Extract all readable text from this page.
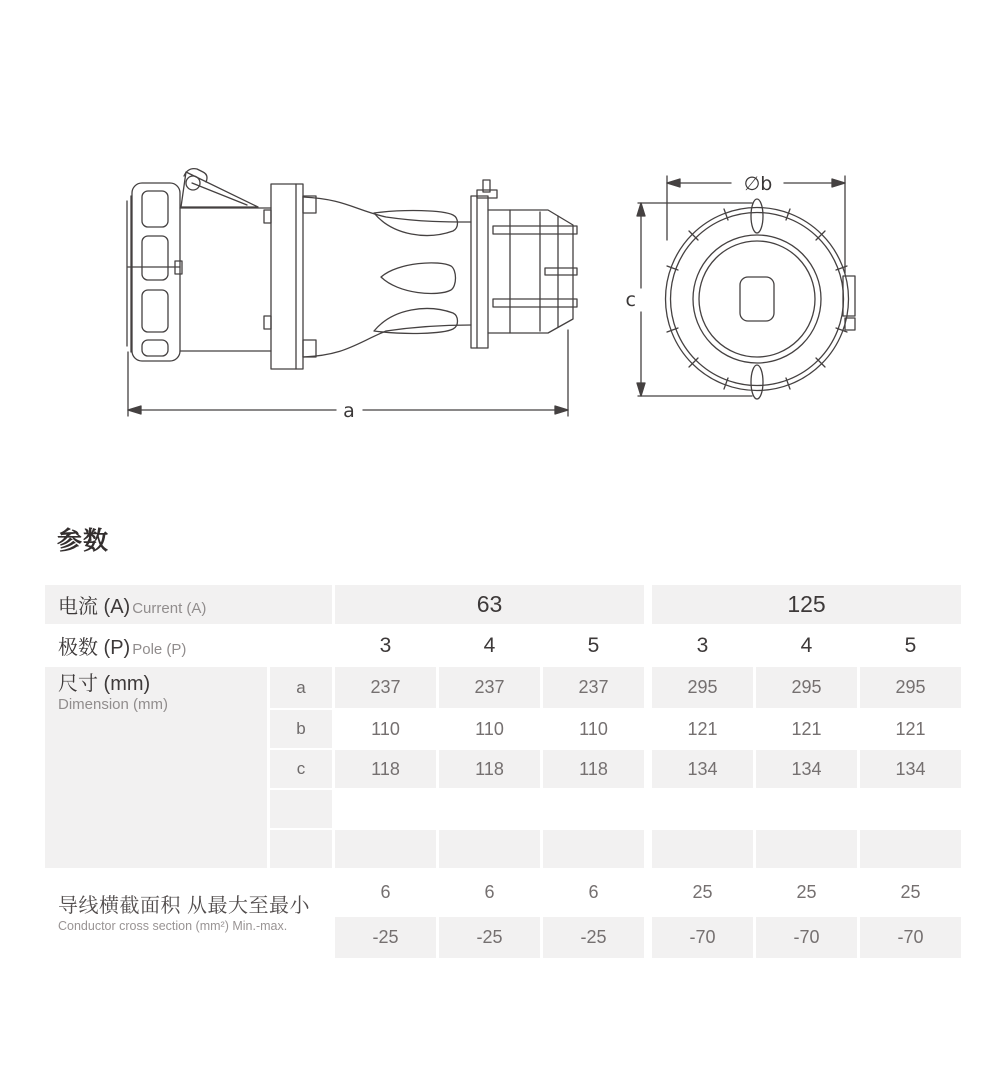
a
∅b
c
参数
电流 (A) Current (A)		63				125		
极数 (P) Pole (P)		3	4	5		3	4	5

尺寸 (mm)
Dimension (mm)	a	237	237	237		295	295	295
	b	110	110	110		121	121	121
	c	118	118	118		134	134	134

导线横截面积 从最大至最小
Conductor cross section (mm²) Min.-max.		6	6	6		25	25	25
		-25	-25	-25		-70	-70	-70
